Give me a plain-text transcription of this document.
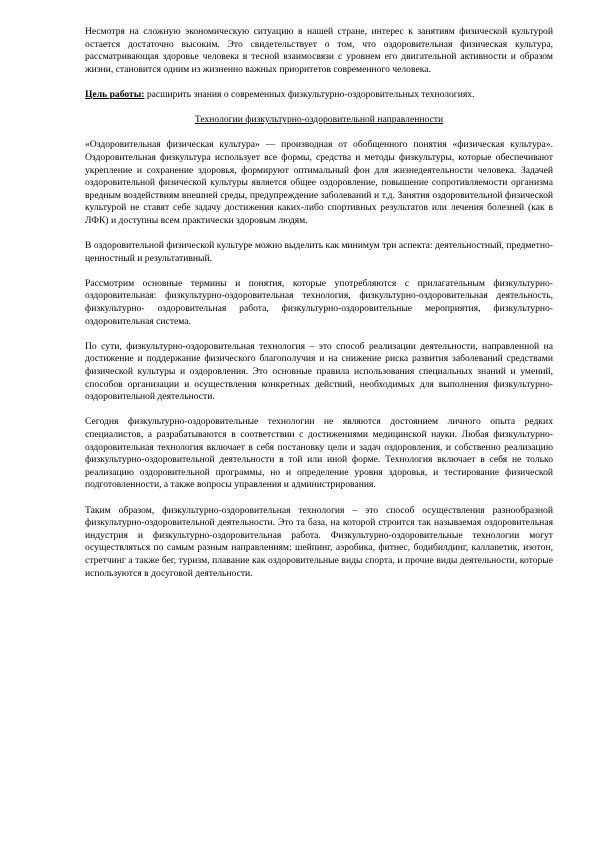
Несмотря на сложную экономическую ситуацию в нашей стране, интерес к занятиям физической культурой остается достаточно высоким. Это свидетельствует о том, что оздоровительная физическая культура, рассматривающая здоровье человека в тесной взаимосвязи с уровнем его двигательной активности и образом жизни, становится одним из жизненно важных приоритетов современного человека.

Цель работы: расширить знания о современных физкультурно-оздоровительных технологиях.

Технологии физкультурно-оздоровительной направленности

«Оздоровительная физическая культура» — производная от обобщенного понятия «физическая культура». Оздоровительная физкультура использует все формы, средства и методы физкультуры, которые обеспечивают укрепление и сохранение здоровья, формируют оптимальный фон для жизнедеятельности человека. Задачей оздоровительной физической культуры является общее оздоровление, повышение сопротивляемости организма вредным воздействиям внешней среды, предупреждение заболеваний и т.д. Занятия оздоровительной физической культурой не ставят себе задачу достижения каких-либо спортивных результатов или лечения болезней (как в ЛФК) и доступны всем практически здоровым людям.

В оздоровительной физической культуре можно выделить как минимум три аспекта: деятельностный, предметно-ценностный и результативный.

Рассмотрим основные термины и понятия, которые употребляются с прилагательным физкультурно-оздоровительная: физкультурно-оздоровительная технология, физкультурно-оздоровительная деятельность, физкультурно- оздоровительная работа, физкультурно-оздоровительные мероприятия, физкультурно-оздоровительная система.

По сути, физкультурно-оздоровительная технология – это способ реализации деятельности, направленной на достижение и поддержание физического благополучия и на снижение риска развития заболеваний средствами физической культуры и оздоровления. Это основные правила использования специальных знаний и умений, способов организации и осуществления конкретных действий, необходимых для выполнения физкультурно-оздоровительной деятельности.

Сегодня физкультурно-оздоровительные технологии не являются достоянием личного опыта редких специалистов, а разрабатываются в соответствии с достижениями медицинской науки. Любая физкультурно-оздоровительная технология включает в себя постановку цели и задач оздоровления, и собственно реализацию физкультурно-оздоровительной деятельности в той или иной форме. Технология включает в себя не только реализацию оздоровительной программы, но и определение уровня здоровья, и тестирование физической подготовленности, а также вопросы управления и администрирования.

Таким образом, физкультурно-оздоровительная технология – это способ осуществления разнообразной физкультурно-оздоровительной деятельности. Это та база, на которой строится так называемая оздоровительная индустрия и физкультурно-оздоровительная работа. Физкультурно-оздоровительные технологии могут осуществляться по самым разным направлениям: шейпинг, аэробика, фитнес, бодибилдинг, каллanетик, изотон, стретчинг а также бег, туризм, плавание как оздоровительные виды спорта, и прочие виды деятельности, которые используются в досуговой деятельности.
